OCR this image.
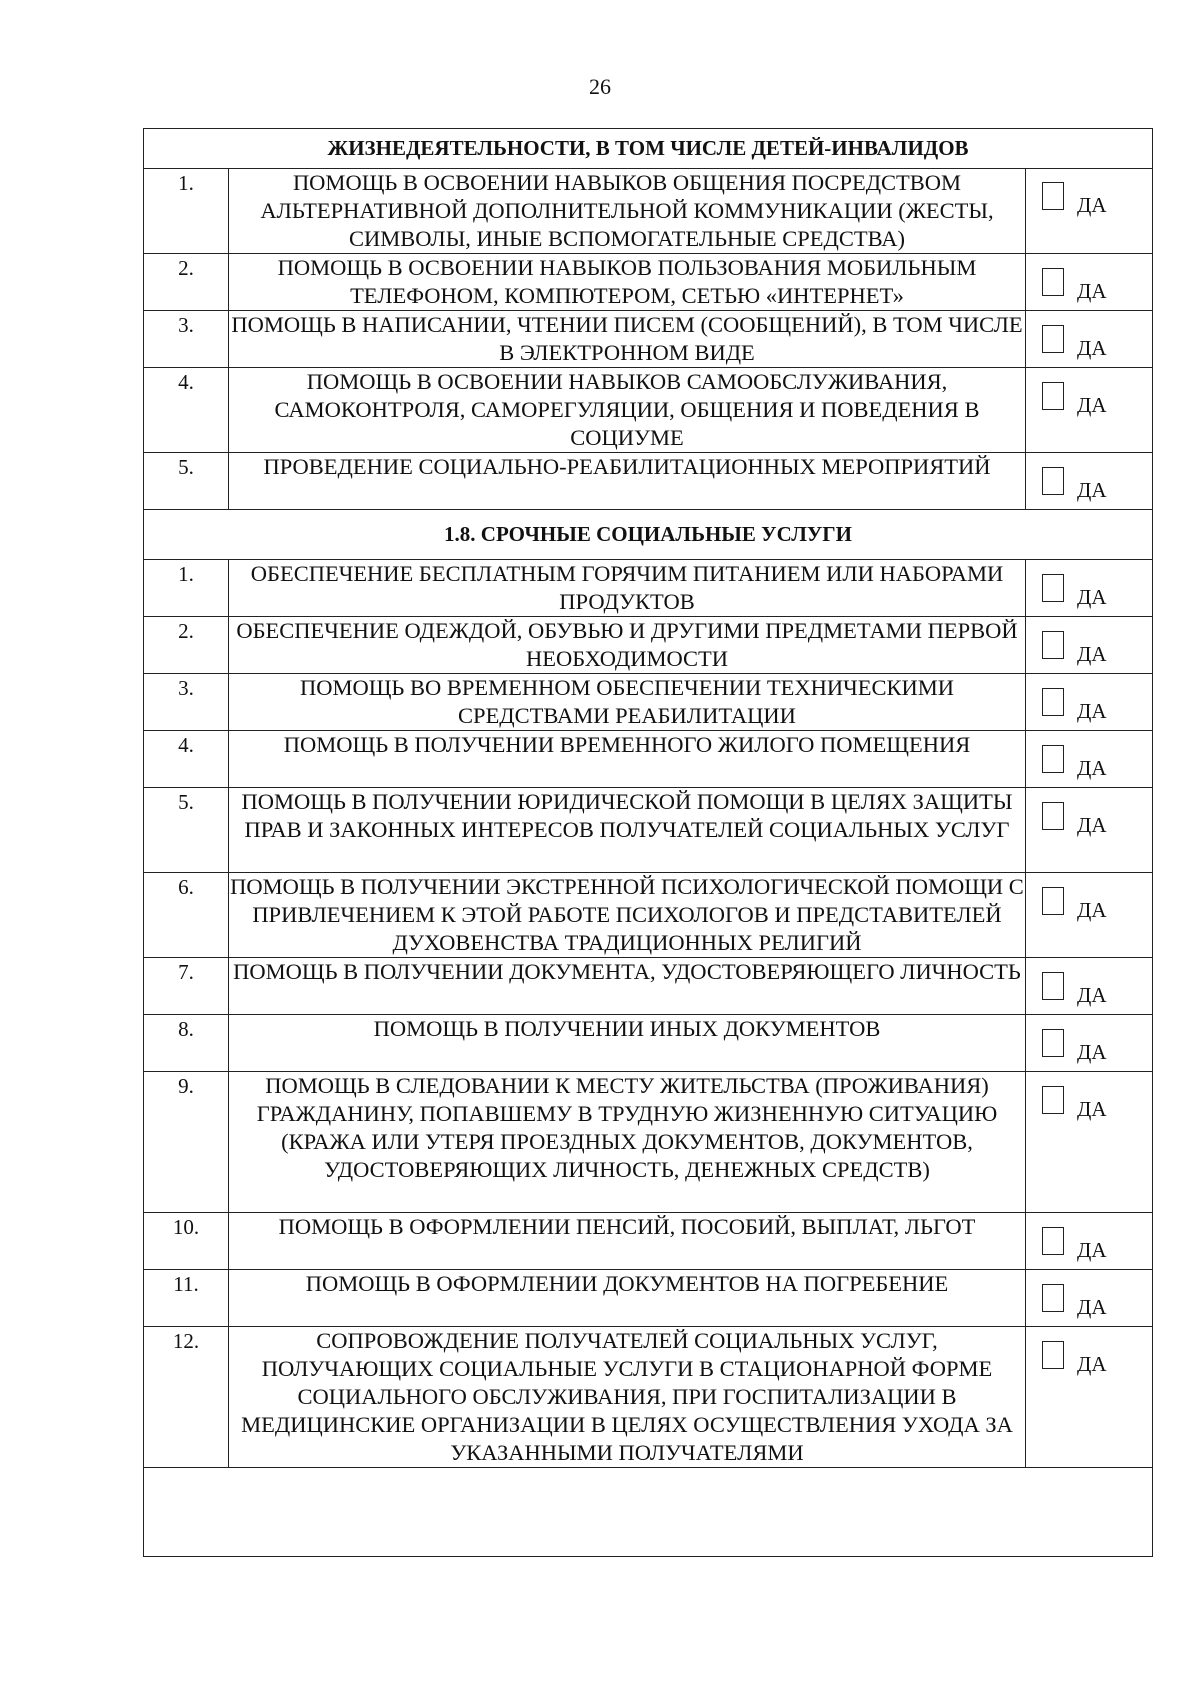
26
ЖИЗНЕДЕЯТЕЛЬНОСТИ, В ТОМ ЧИСЛЕ ДЕТЕЙ-ИНВАЛИДОВ		
1.	ПОМОЩЬ В ОСВОЕНИИ НАВЫКОВ ОБЩЕНИЯ ПОСРЕДСТВОМ АЛЬТЕРНАТИВНОЙ ДОПОЛНИТЕЛЬНОЙ КОММУНИКАЦИИ (ЖЕСТЫ, СИМВОЛЫ, ИНЫЕ ВСПОМОГАТЕЛЬНЫЕ СРЕДСТВА)	ДА

2.	ПОМОЩЬ В ОСВОЕНИИ НАВЫКОВ ПОЛЬЗОВАНИЯ МОБИЛЬНЫМ ТЕЛЕФОНОМ, КОМПЮТЕРОМ, СЕТЬЮ «ИНТЕРНЕТ»	ДА

3.	ПОМОЩЬ В НАПИСАНИИ, ЧТЕНИИ ПИСЕМ (СООБЩЕНИЙ), В ТОМ ЧИСЛЕ В ЭЛЕКТРОННОМ ВИДЕ	ДА

4.	ПОМОЩЬ В ОСВОЕНИИ НАВЫКОВ САМООБСЛУЖИВАНИЯ, САМОКОНТРОЛЯ, САМОРЕГУЛЯЦИИ, ОБЩЕНИЯ И ПОВЕДЕНИЯ В СОЦИУМЕ	ДА

5.	ПРОВЕДЕНИЕ СОЦИАЛЬНО-РЕАБИЛИТАЦИОННЫХ МЕРОПРИЯТИЙ	ДА

1.8. СРОЧНЫЕ СОЦИАЛЬНЫЕ УСЛУГИ		
1.	ОБЕСПЕЧЕНИЕ БЕСПЛАТНЫМ ГОРЯЧИМ ПИТАНИЕМ ИЛИ НАБОРАМИ ПРОДУКТОВ	ДА

2.	ОБЕСПЕЧЕНИЕ ОДЕЖДОЙ, ОБУВЬЮ И ДРУГИМИ ПРЕДМЕТАМИ ПЕРВОЙ НЕОБХОДИМОСТИ	ДА

3.	ПОМОЩЬ ВО ВРЕМЕННОМ ОБЕСПЕЧЕНИИ ТЕХНИЧЕСКИМИ СРЕДСТВАМИ РЕАБИЛИТАЦИИ	ДА

4.	ПОМОЩЬ В ПОЛУЧЕНИИ ВРЕМЕННОГО ЖИЛОГО ПОМЕЩЕНИЯ	ДА

5.	ПОМОЩЬ В ПОЛУЧЕНИИ ЮРИДИЧЕСКОЙ ПОМОЩИ В ЦЕЛЯХ ЗАЩИТЫ ПРАВ И ЗАКОННЫХ ИНТЕРЕСОВ ПОЛУЧАТЕЛЕЙ СОЦИАЛЬНЫХ УСЛУГ	ДА

6.	ПОМОЩЬ В ПОЛУЧЕНИИ ЭКСТРЕННОЙ ПСИХОЛОГИЧЕСКОЙ ПОМОЩИ С ПРИВЛЕЧЕНИЕМ К ЭТОЙ РАБОТЕ ПСИХОЛОГОВ И ПРЕДСТАВИТЕЛЕЙ ДУХОВЕНСТВА ТРАДИЦИОННЫХ РЕЛИГИЙ	ДА

7.	ПОМОЩЬ В ПОЛУЧЕНИИ ДОКУМЕНТА, УДОСТОВЕРЯЮЩЕГО ЛИЧНОСТЬ	ДА

8.	ПОМОЩЬ В ПОЛУЧЕНИИ ИНЫХ ДОКУМЕНТОВ	ДА

9.	ПОМОЩЬ В СЛЕДОВАНИИ К МЕСТУ ЖИТЕЛЬСТВА (ПРОЖИВАНИЯ) ГРАЖДАНИНУ, ПОПАВШЕМУ В ТРУДНУЮ ЖИЗНЕННУЮ СИТУАЦИЮ (КРАЖА ИЛИ УТЕРЯ ПРОЕЗДНЫХ ДОКУМЕНТОВ, ДОКУМЕНТОВ, УДОСТОВЕРЯЮЩИХ ЛИЧНОСТЬ, ДЕНЕЖНЫХ СРЕДСТВ)	ДА

10.	ПОМОЩЬ В ОФОРМЛЕНИИ ПЕНСИЙ, ПОСОБИЙ, ВЫПЛАТ, ЛЬГОТ	ДА

11.	ПОМОЩЬ В ОФОРМЛЕНИИ ДОКУМЕНТОВ НА ПОГРЕБЕНИЕ	ДА

12.	СОПРОВОЖДЕНИЕ ПОЛУЧАТЕЛЕЙ СОЦИАЛЬНЫХ УСЛУГ, ПОЛУЧАЮЩИХ СОЦИАЛЬНЫЕ УСЛУГИ В СТАЦИОНАРНОЙ ФОРМЕ СОЦИАЛЬНОГО ОБСЛУЖИВАНИЯ, ПРИ ГОСПИТАЛИЗАЦИИ В МЕДИЦИНСКИЕ ОРГАНИЗАЦИИ В ЦЕЛЯХ ОСУЩЕСТВЛЕНИЯ УХОДА ЗА УКАЗАННЫМИ ПОЛУЧАТЕЛЯМИ	ДА
